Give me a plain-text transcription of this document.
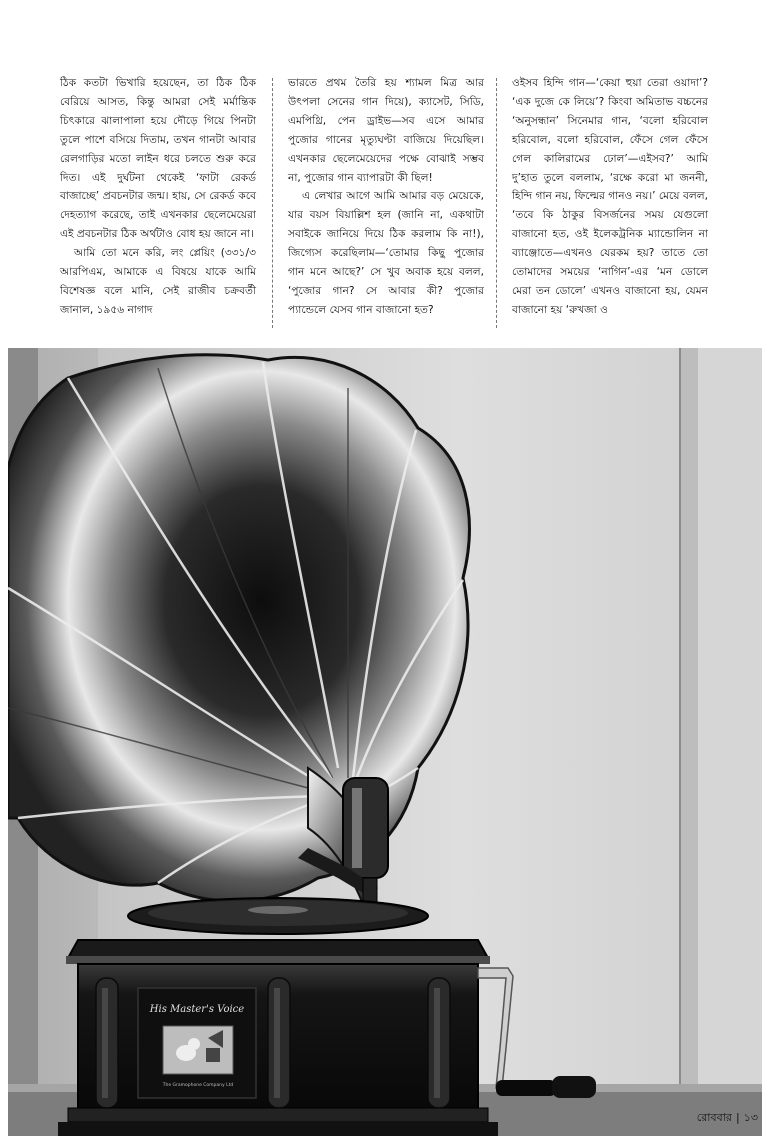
ঠিক কতটা ভিখারি হয়েছেন, তা ঠিক ঠিক বেরিয়ে আসত, কিন্তু আমরা সেই মর্মান্তিক চিৎকারে ঝালাপালা হয়ে দৌড়ে গিয়ে পিনটা তুলে পাশে বসিয়ে দিতাম, তখন গানটা আবার রেলগাড়ির মতো লাইন ধরে চলতে শুরু করে দিত। এই দুর্ঘটনা থেকেই ‘ফাটা রেকর্ড বাজাচ্ছে’ প্রবচনটার জন্ম। হায়, সে রেকর্ড কবে দেহত্যাগ করেছে, তাই এখনকার ছেলেমেয়েরা এই প্রবচনটার ঠিক অর্থটাও বোধ হয় জানে না।

আমি তো মনে করি, লং প্লেয়িং (৩৩১/৩ আরপিএম, আমাকে এ বিষয়ে যাকে আমি বিশেষজ্ঞ বলে মানি, সেই রাজীব চক্রবর্তী জানাল, ১৯৫৬ নাগাদ

ভারতে প্রথম তৈরি হয় শ্যামল মিত্র আর উৎপলা সেনের গান দিয়ে), ক্যাসেট, সিডি, এমপিথ্রি, পেন ড্রাইভ—সব এসে আমার পুজোর গানের মৃত্যুঘণ্টা বাজিয়ে দিয়েছিল। এখনকার ছেলেমেয়েদের পক্ষে বোঝাই সম্ভব না, পুজোর গান ব্যাপারটা কী ছিল!

এ লেখার আগে আমি আমার বড় মেয়েকে, যার বয়স বিয়াল্লিশ হল (জানি না, একথাটা সবাইকে জানিয়ে দিয়ে ঠিক করলাম কি না!), জিগ্যেস করেছিলাম—‘তোমার কিছু পুজোর গান মনে আছে?’ সে খুব অবাক হয়ে বলল, ‘পুজোর গান? সে আবার কী? পুজোর প্যান্ডেলে যেসব গান বাজানো হত?

ওইসব হিন্দি গান—‘কেয়া হুয়া তেরা ওয়াদা’? ‘এক দুজে কে লিয়ে’? কিংবা অমিতাভ বচ্চনের ‘অনুসন্ধান’ সিনেমার গান, ‘বলো হরিবোল হরিবোল, বলো হরিবোল, ফেঁসে গেল ফেঁসে গেল কালিরামের ঢোল’—এইসব?’ আমি দু’হাত তুলে বললাম, ‘রক্ষে করো মা জননী, হিন্দি গান নয়, ফিল্মের গানও নয়।’ মেয়ে বলল, ‘তবে কি ঠাকুর বিসর্জনের সময় যেগুলো বাজানো হত, ওই ইলেকট্রনিক ম্যান্ডোলিন না ব্যাঞ্জোতে—এখনও যেরকম হয়? তাতে তো তোমাদের সময়ের ‘নাগিন’-এর ‘মন ডোলে মেরা তন ডোলে’ এখনও বাজানো হয়, যেমন বাজানো হয় ‘রুখজা ও

His Master's Voice
The Gramophone Company Ltd
রোববার | ১৩
